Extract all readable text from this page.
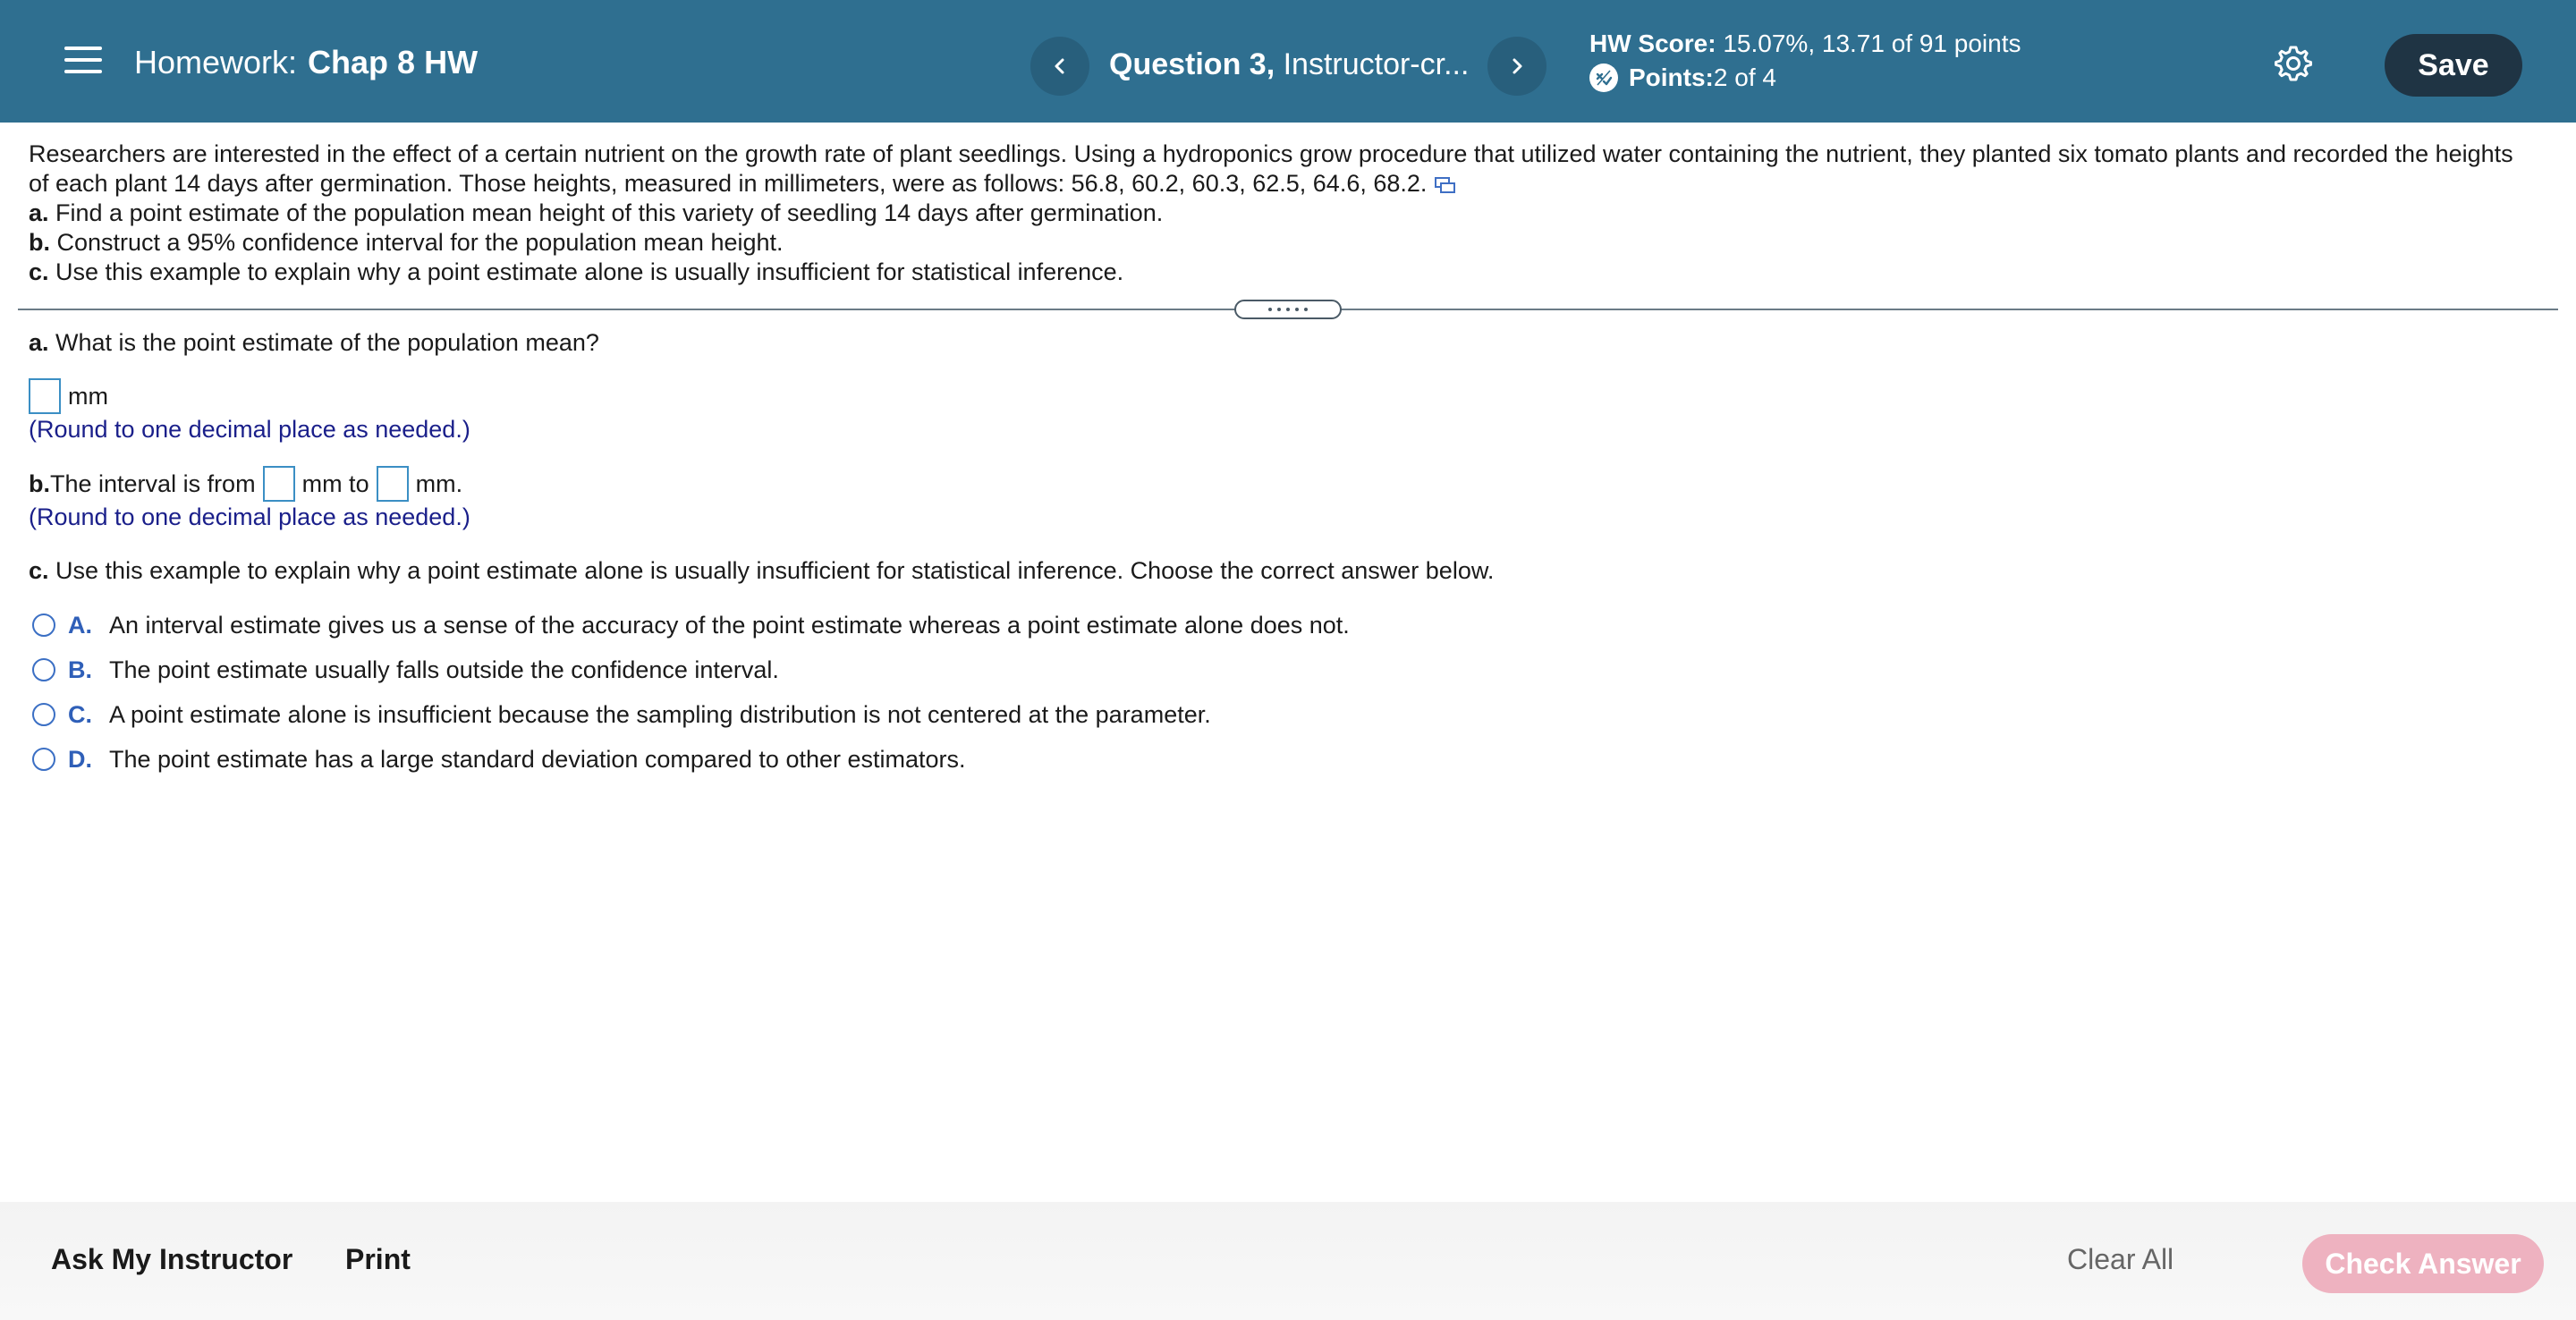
Homework: Chap 8 HW	Question 3, Instructor-cr...
HW Score: 15.07%, 13.71 of 91 points
Points: 2 of 4	Save

Researchers are interested in the effect of a certain nutrient on the growth rate of plant seedlings. Using a hydroponics grow procedure that utilized water containing the nutrient, they planted six tomato plants and recorded the heights of each plant 14 days after germination. Those heights, measured in millimeters, were as follows: 56.8, 60.2, 60.3, 62.5, 64.6, 68.2.

a. Find a point estimate of the population mean height of this variety of seedling 14 days after germination.

b. Construct a 95% confidence interval for the population mean height.

c. Use this example to explain why a point estimate alone is usually insufficient for statistical inference.

a. What is the point estimate of the population mean?
mm
(Round to one decimal place as needed.)
b. The interval is from mm to mm.
(Round to one decimal place as needed.)
c. Use this example to explain why a point estimate alone is usually insufficient for statistical inference. Choose the correct answer below.
A. An interval estimate gives us a sense of the accuracy of the point estimate whereas a point estimate alone does not.
B. The point estimate usually falls outside the confidence interval.
C. A point estimate alone is insufficient because the sampling distribution is not centered at the parameter.
D. The point estimate has a large standard deviation compared to other estimators.
Ask My Instructor Print	Clear All	Check Answer
